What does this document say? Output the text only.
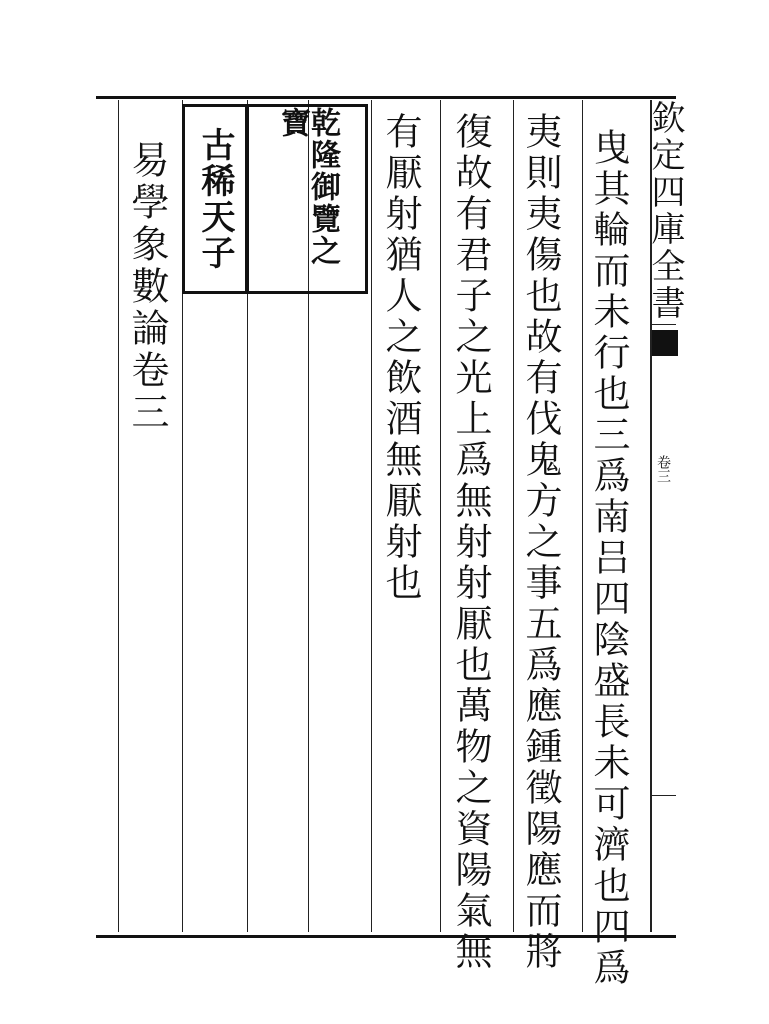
欽定四庫全書
卷三
古稀天子	乾隆御覽之寶
曳其輪而未行也三爲南吕四陰盛長未可濟也四爲
夷則夷傷也故有伐鬼方之事五爲應鍾徵陽應而將
復故有君子之光上爲無射射厭也萬物之資陽氣無
有厭射猶人之飲酒無厭射也
易學象數論卷三
